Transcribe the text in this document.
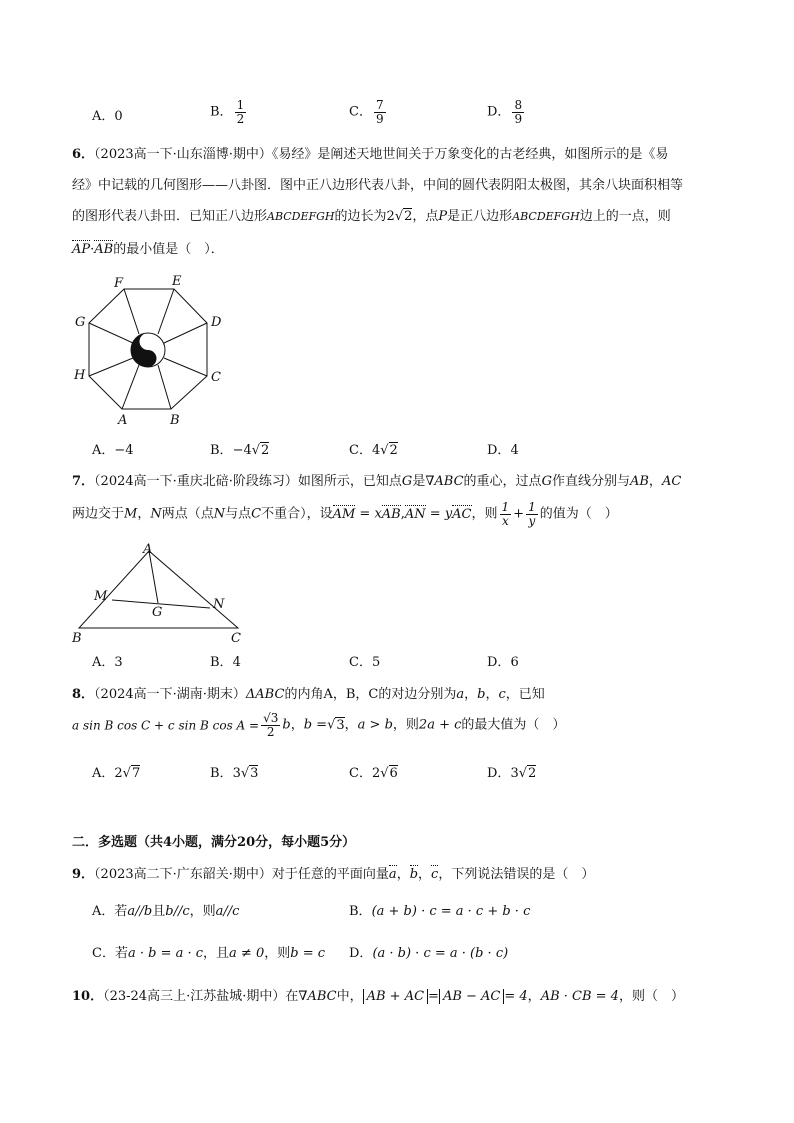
A．0	B． $\frac{1}{2}$	C． $\frac{7}{9}$	D． $\frac{8}{9}$
6．（2023高一下·山东淄博·期中）《易经》是阐述天地世间关于万象变化的古老经典，如图所示的是《易
经》中记载的几何图形——八卦图．图中正八边形代表八卦，中间的圆代表阴阳太极图，其余八块面积相等
的图形代表八卦田．已知正八边形ABCDEFGH的边长为2√2，点P是正八边形ABCDEFGH边上的一点，则
AP·AB的最小值是（　）．
A	B
C
D
E
F
G
H
A．−4	B．−4√2	C．4√2	D．4
7．（2024高一下·重庆北碚·阶段练习）如图所示，已知点G是∇ABC的重心，过点G作直线分别与AB，AC
两边交于M，N两点（点N与点C不重合），设AM = xAB,AN = yAC，则 $\frac{1}{x} + \frac{1}{y}$ 的值为（　）
A
M
G
N
B	C
A．3	B．4	C．5	D．6
8．（2024高一下·湖南·期末）ΔABC的内角A，B，C的对边分别为a，b，c，已知
a sin B cos C + c sin B $\cos A = \frac{√3}{2}$ b，b =√3，a > b，则2a + c的最大值为（　）
A．2√7	B．3√3	C．2√6	D．3√2
二．多选题（共4小题，满分20分，每小题5分）
9．（2023高二下·广东韶关·期中）对于任意的平面向量a，b，c，下列说法错误的是（　）
A．若a//b且b//c，则a//c	B．(a + b) · c = a · c + b · c
C．若a · b = a · c，且a ≠ 0，则b = c D．(a · b) · c = a · (b · c)
10．（23-24高三上·江苏盐城·期中）在∇ABC中， AB + AC = AB − AC = 4，AB · CB = 4，则（　）
